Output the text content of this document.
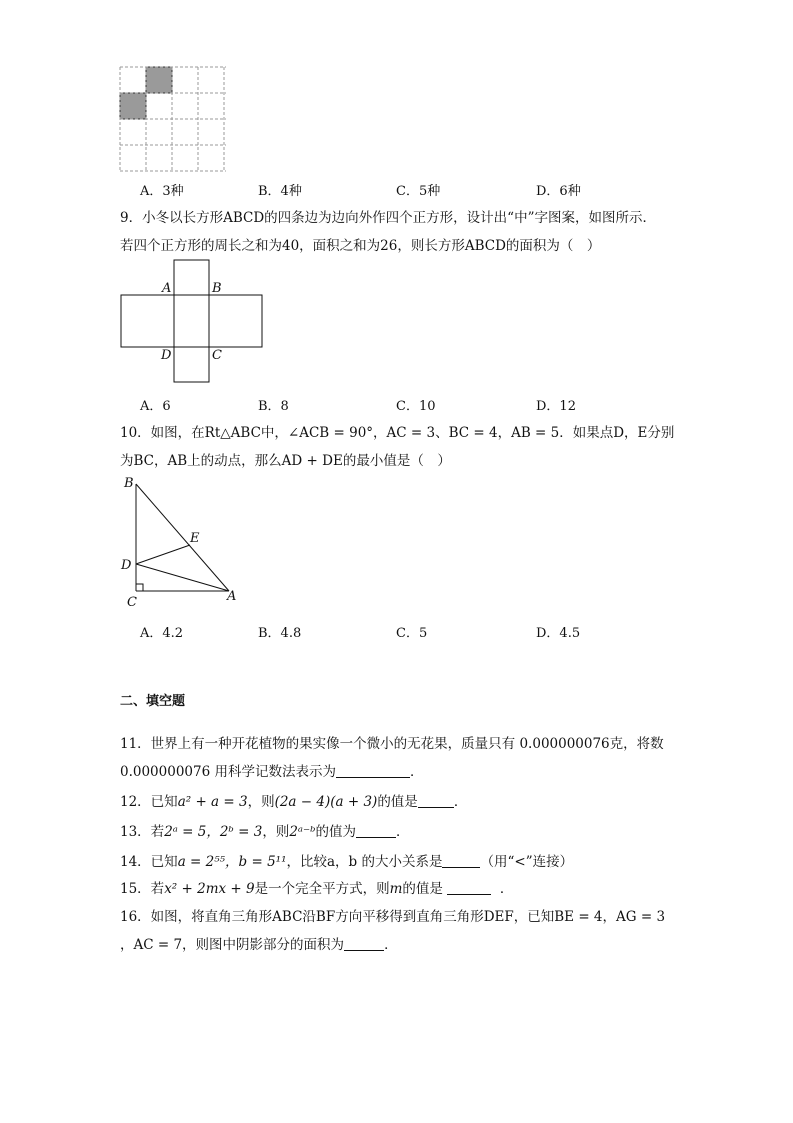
A．3种	B．4种	C．5种	D．6种
9．小冬以长方形ABCD的四条边为边向外作四个正方形，设计出“中”字图案，如图所示．
若四个正方形的周长之和为40，面积之和为26，则长方形ABCD的面积为（　）
A	B
D	C
A．6	B．8	C．10	D．12
10．如图，在Rt△ABC中，∠ACB = 90°，AC = 3、BC = 4，AB = 5．如果点D，E分别
为BC，AB上的动点，那么AD + DE的最小值是（　）
B
E
D
C	A
A．4.2	B．4.8	C．5	D．4.5
二、填空题
11．世界上有一种开花植物的果实像一个微小的无花果，质量只有 0.000000076克，将数
0.000000076 用科学记数法表示为	．
12．已知a² + a = 3，则(2a − 4)(a + 3)的值是	．
13．若2ᵃ = 5，2ᵇ = 3，则2ᵃ⁻ᵇ的值为	．
14．已知a = 2⁵⁵，b = 5¹¹，比较a，b 的大小关系是	（用“<”连接）
15．若x² + 2mx + 9是一个完全平方式，则m的值是	．
16．如图，将直角三角形ABC沿BF方向平移得到直角三角形DEF，已知BE = 4，AG = 3
，AC = 7，则图中阴影部分的面积为	．
